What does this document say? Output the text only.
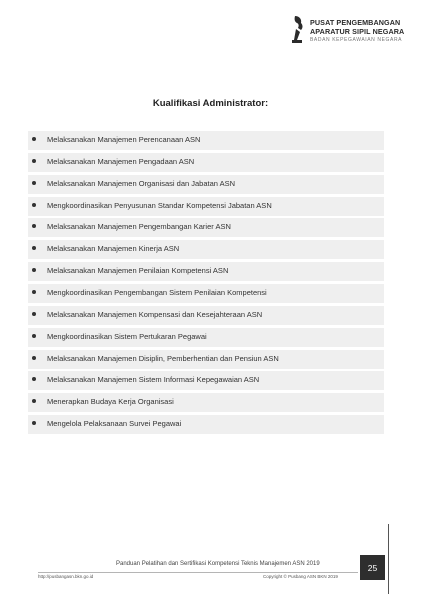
PUSAT PENGEMBANGAN
APARATUR SIPIL NEGARA
BADAN KEPEGAWAIAN NEGARA
Kualifikasi Administrator:
Melaksanakan Manajemen Perencanaan ASN
Melaksanakan Manajemen Pengadaan ASN
Melaksanakan Manajemen Organisasi dan Jabatan ASN
Mengkoordinasikan Penyusunan Standar Kompetensi Jabatan ASN
Melaksanakan Manajemen Pengembangan Karier ASN
Melaksanakan Manajemen Kinerja ASN
Melaksanakan Manajemen Penilaian Kompetensi ASN
Mengkoordinasikan Pengembangan Sistem Penilaian Kompetensi
Melaksanakan Manajemen Kompensasi dan Kesejahteraan ASN
Mengkoordinasikan Sistem Pertukaran Pegawai
Melaksanakan Manajemen Disiplin, Pemberhentian dan Pensiun ASN
Melaksanakan Manajemen Sistem Informasi Kepegawaian ASN
Menerapkan Budaya Kerja Organisasi
Mengelola Pelaksanaan Survei Pegawai
Panduan Pelatihan dan Sertifikasi Kompetensi Teknis Manajemen ASN 2019
http://pusbangasn.bkn.go.id	Copyright © Pusbang ASN BKN 2019
25
